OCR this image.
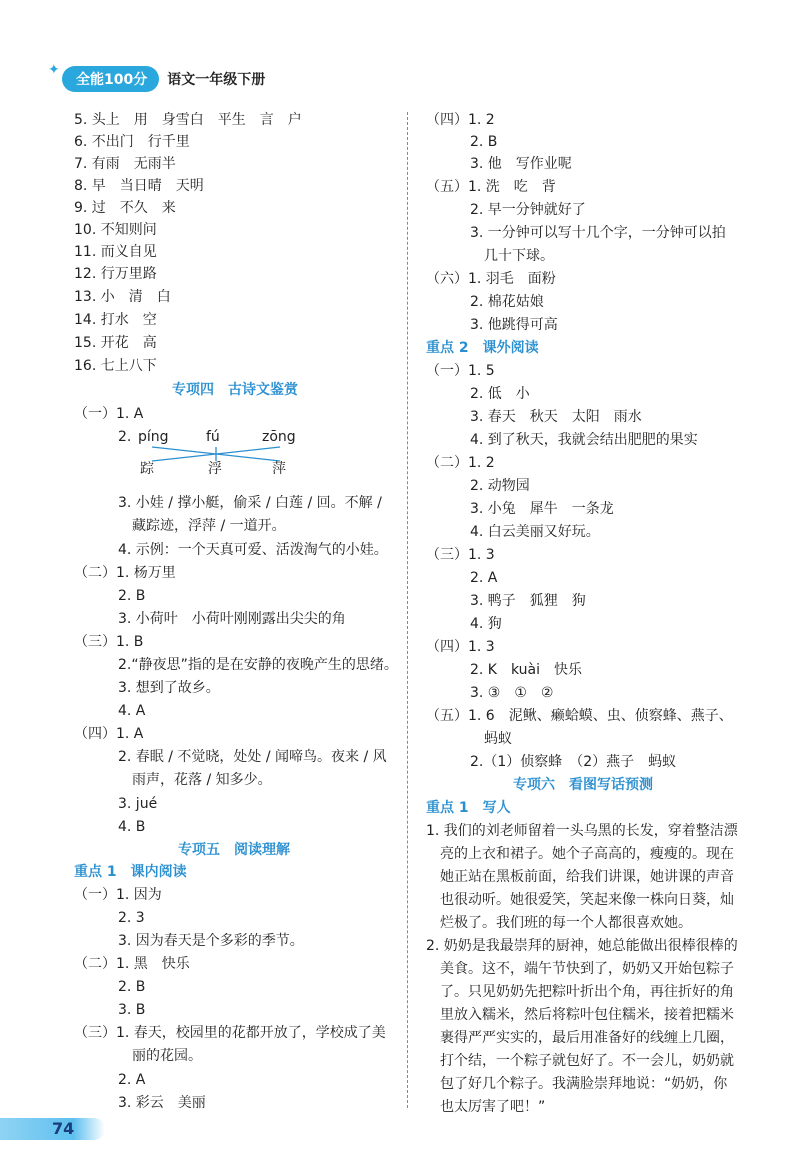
✦
全能100分	语文一年级下册
5. 头上　用　身雪白　平生　言　户
6. 不出门　行千里
7. 有雨　无雨半
8. 早　当日晴　天明
9. 过　不久　来
10. 不知则问
11. 而义自见
12. 行万里路
13. 小　清　白
14. 打水　空
15. 开花　高
16. 七上八下
专项四　古诗文鉴赏
（一）1. A
2. píng	fú	zōng
踪	浮	萍
3. 小娃 / 撑小艇，偷采 / 白莲 / 回。不解 /
藏踪迹，浮萍 / 一道开。
4. 示例：一个天真可爱、活泼淘气的小娃。
（二）1. 杨万里
2. B
3. 小荷叶　小荷叶刚刚露出尖尖的角
（三）1. B
2.“静夜思”指的是在安静的夜晚产生的思绪。
3. 想到了故乡。
4. A
（四）1. A
2. 春眠 / 不觉晓，处处 / 闻啼鸟。夜来 / 风
雨声，花落 / 知多少。
3. jué
4. B
专项五　阅读理解
重点 1　课内阅读
（一）1. 因为
2. 3
3. 因为春天是个多彩的季节。
（二）1. 黑　快乐
2. B
3. B
（三）1. 春天，校园里的花都开放了，学校成了美
丽的花园。
2. A
3. 彩云　美丽
（四）1. 2
2. B
3. 他　写作业呢
（五）1. 洗　吃　背
2. 早一分钟就好了
3. 一分钟可以写十几个字，一分钟可以拍
几十下球。
（六）1. 羽毛　面粉
2. 棉花姑娘
3. 他跳得可高
重点 2　课外阅读
（一）1. 5
2. 低　小
3. 春天　秋天　太阳　雨水
4. 到了秋天，我就会结出肥肥的果实
（二）1. 2
2. 动物园
3. 小兔　犀牛　一条龙
4. 白云美丽又好玩。
（三）1. 3
2. A
3. 鸭子　狐狸　狗
4. 狗
（四）1. 3
2. K　kuài　快乐
3. ③　①　②
（五）1. 6　泥鳅、癞蛤蟆、虫、侦察蜂、燕子、
蚂蚁
2.（1）侦察蜂　（2）燕子　蚂蚁
专项六　看图写话预测
重点 1　写人
1. 我们的刘老师留着一头乌黑的长发，穿着整洁漂
亮的上衣和裙子。她个子高高的，瘦瘦的。现在
她正站在黑板前面，给我们讲课，她讲课的声音
也很动听。她很爱笑，笑起来像一株向日葵，灿
烂极了。我们班的每一个人都很喜欢她。
2. 奶奶是我最崇拜的厨神，她总能做出很棒很棒的
美食。这不，端午节快到了，奶奶又开始包粽子
了。只见奶奶先把粽叶折出个角，再往折好的角
里放入糯米，然后将粽叶包住糯米，接着把糯米
裹得严严实实的，最后用准备好的线缠上几圈，
打个结，一个粽子就包好了。不一会儿，奶奶就
包了好几个粽子。我满脸崇拜地说：“奶奶，你
也太厉害了吧！”
74
